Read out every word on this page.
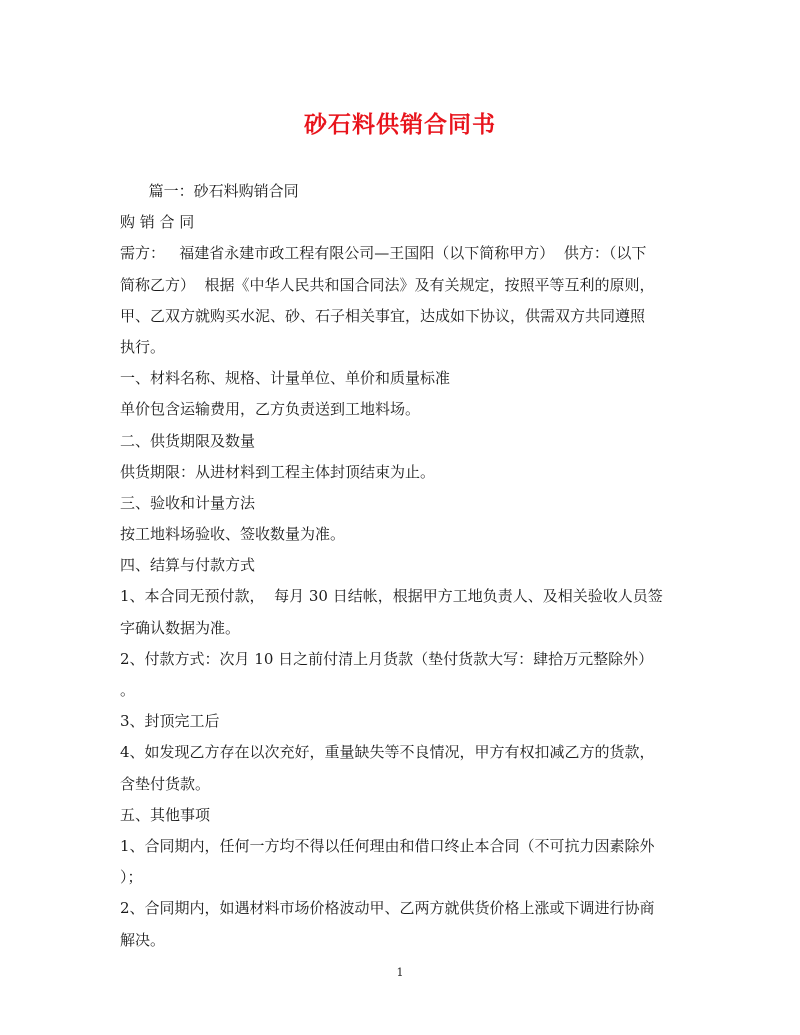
砂石料供销合同书
篇一：砂石料购销合同
购 销 合 同
需方：   福建省永建市政工程有限公司—王国阳（以下简称甲方）  供方：（以下
简称乙方）  根据《中华人民共和国合同法》及有关规定，按照平等互利的原则，
甲、乙双方就购买水泥、砂、石子相关事宜，达成如下协议，供需双方共同遵照
执行。
一、材料名称、规格、计量单位、单价和质量标准
单价包含运输费用，乙方负责送到工地料场。
二、供货期限及数量
供货期限：从进材料到工程主体封顶结束为止。
三、验收和计量方法
按工地料场验收、签收数量为准。
四、结算与付款方式
1、本合同无预付款，  每月 30 日结帐，根据甲方工地负责人、及相关验收人员签
字确认数据为准。
2、付款方式：次月 10 日之前付清上月货款（垫付货款大写：肆拾万元整除外）
。
3、封顶完工后
4、如发现乙方存在以次充好，重量缺失等不良情况，甲方有权扣减乙方的货款，
含垫付货款。
五、其他事项
1、合同期内，任何一方均不得以任何理由和借口终止本合同（不可抗力因素除外
）；
2、合同期内，如遇材料市场价格波动甲、乙两方就供货价格上涨或下调进行协商
解决。
1
